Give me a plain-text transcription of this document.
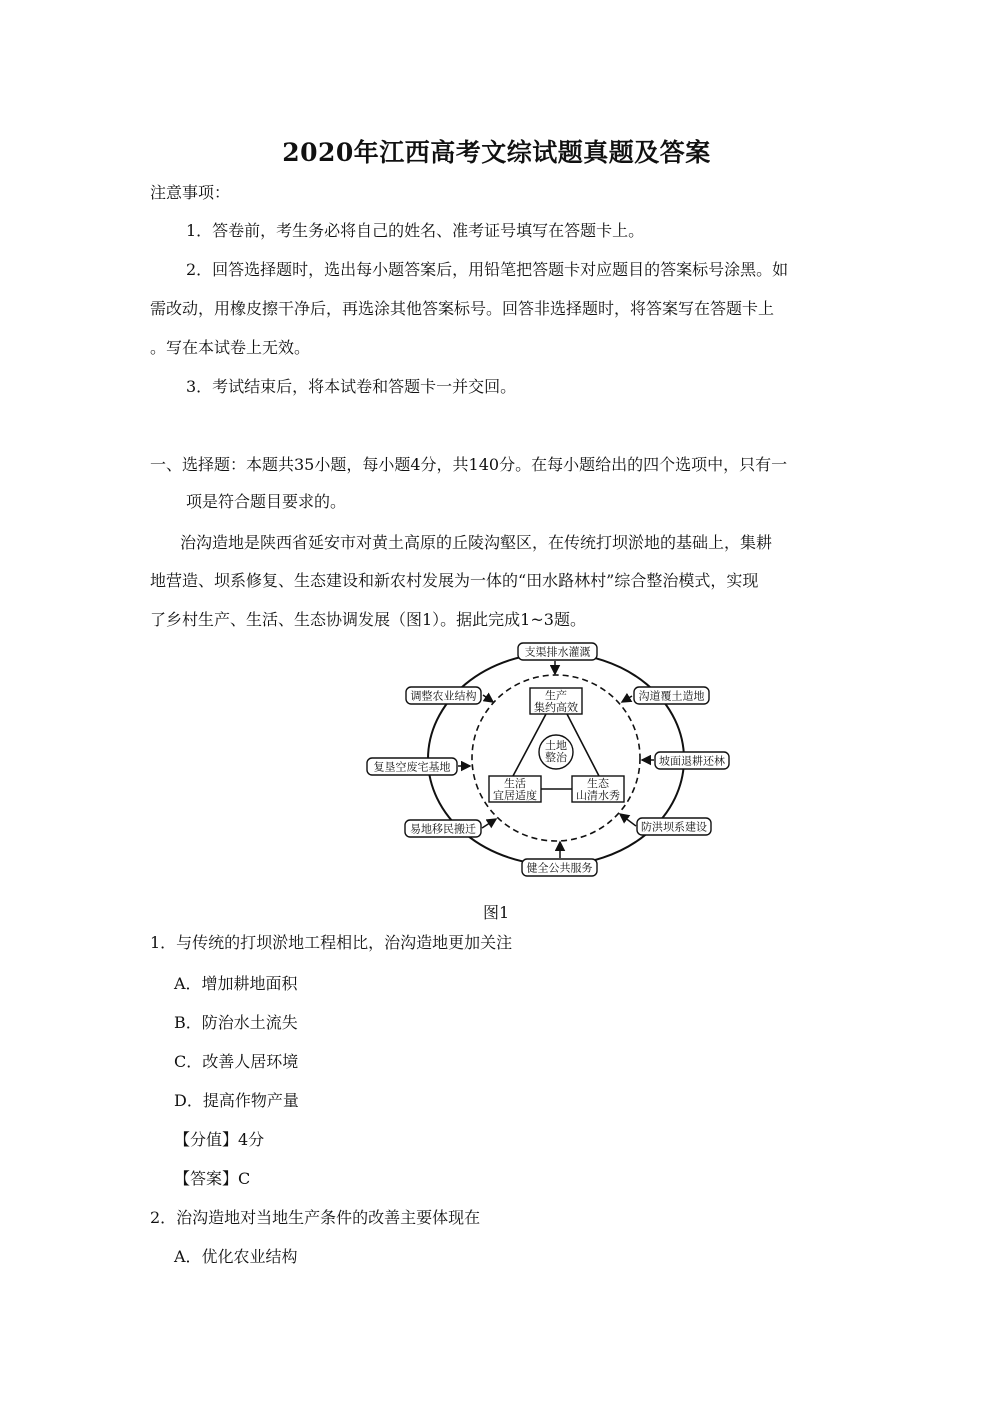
2020年江西高考文综试题真题及答案
注意事项：
1．答卷前，考生务必将自己的姓名、准考证号填写在答题卡上。
2．回答选择题时，选出每小题答案后，用铅笔把答题卡对应题目的答案标号涂黑。如
需改动，用橡皮擦干净后，再选涂其他答案标号。回答非选择题时，将答案写在答题卡上
。写在本试卷上无效。
3．考试结束后，将本试卷和答题卡一并交回。
一、选择题：本题共35小题，每小题4分，共140分。在每小题给出的四个选项中，只有一
项是符合题目要求的。
治沟造地是陕西省延安市对黄土高原的丘陵沟壑区，在传统打坝淤地的基础上，集耕
地营造、坝系修复、生态建设和新农村发展为一体的“田水路林村”综合整治模式，实现
了乡村生产、生活、生态协调发展（图1）。据此完成1~3题。
支渠排水灌溉
沟道覆土造地
坡面退耕还林
防洪坝系建设
健全公共服务
易地移民搬迁
复垦空废宅基地
调整农业结构	生产
集约高效
生活
宜居适度
生态
山清水秀
土地
整治
图1
1．与传统的打坝淤地工程相比，治沟造地更加关注
A．增加耕地面积
B．防治水土流失
C．改善人居环境
D．提高作物产量
【分值】4分
【答案】C
2．治沟造地对当地生产条件的改善主要体现在
A．优化农业结构
